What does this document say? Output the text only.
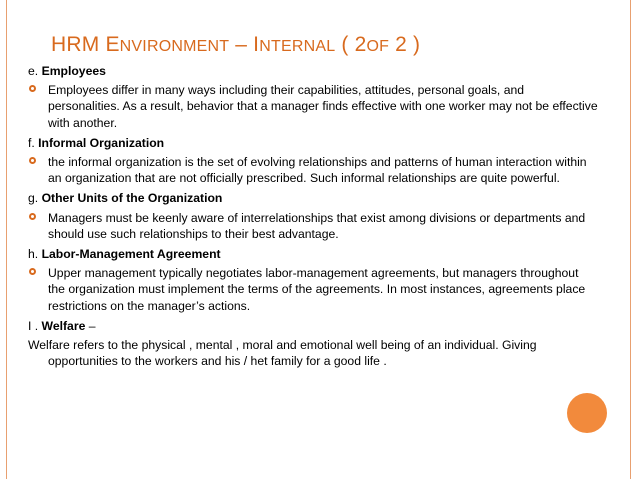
HRM ENVIRONMENT – INTERNAL ( 2OF 2 )
e. Employees
Employees differ in many ways including their capabilities, attitudes, personal goals, and personalities. As a result, behavior that a manager finds effective with one worker may not be effective with another.
f. Informal Organization
the informal organization is the set of evolving relationships and patterns of human interaction within an organization that are not officially prescribed. Such informal relationships are quite powerful.
g. Other Units of the Organization
Managers must be keenly aware of interrelationships that exist among divisions or departments and should use such relationships to their best advantage.
h. Labor-Management Agreement
Upper management typically negotiates labor-management agreements, but managers throughout the organization must implement the terms of the agreements. In most instances, agreements place restrictions on the manager’s actions.
I . Welfare –
Welfare refers to the physical , mental , moral and emotional well being of an individual. Giving opportunities to the workers and his / het family for a good life .
